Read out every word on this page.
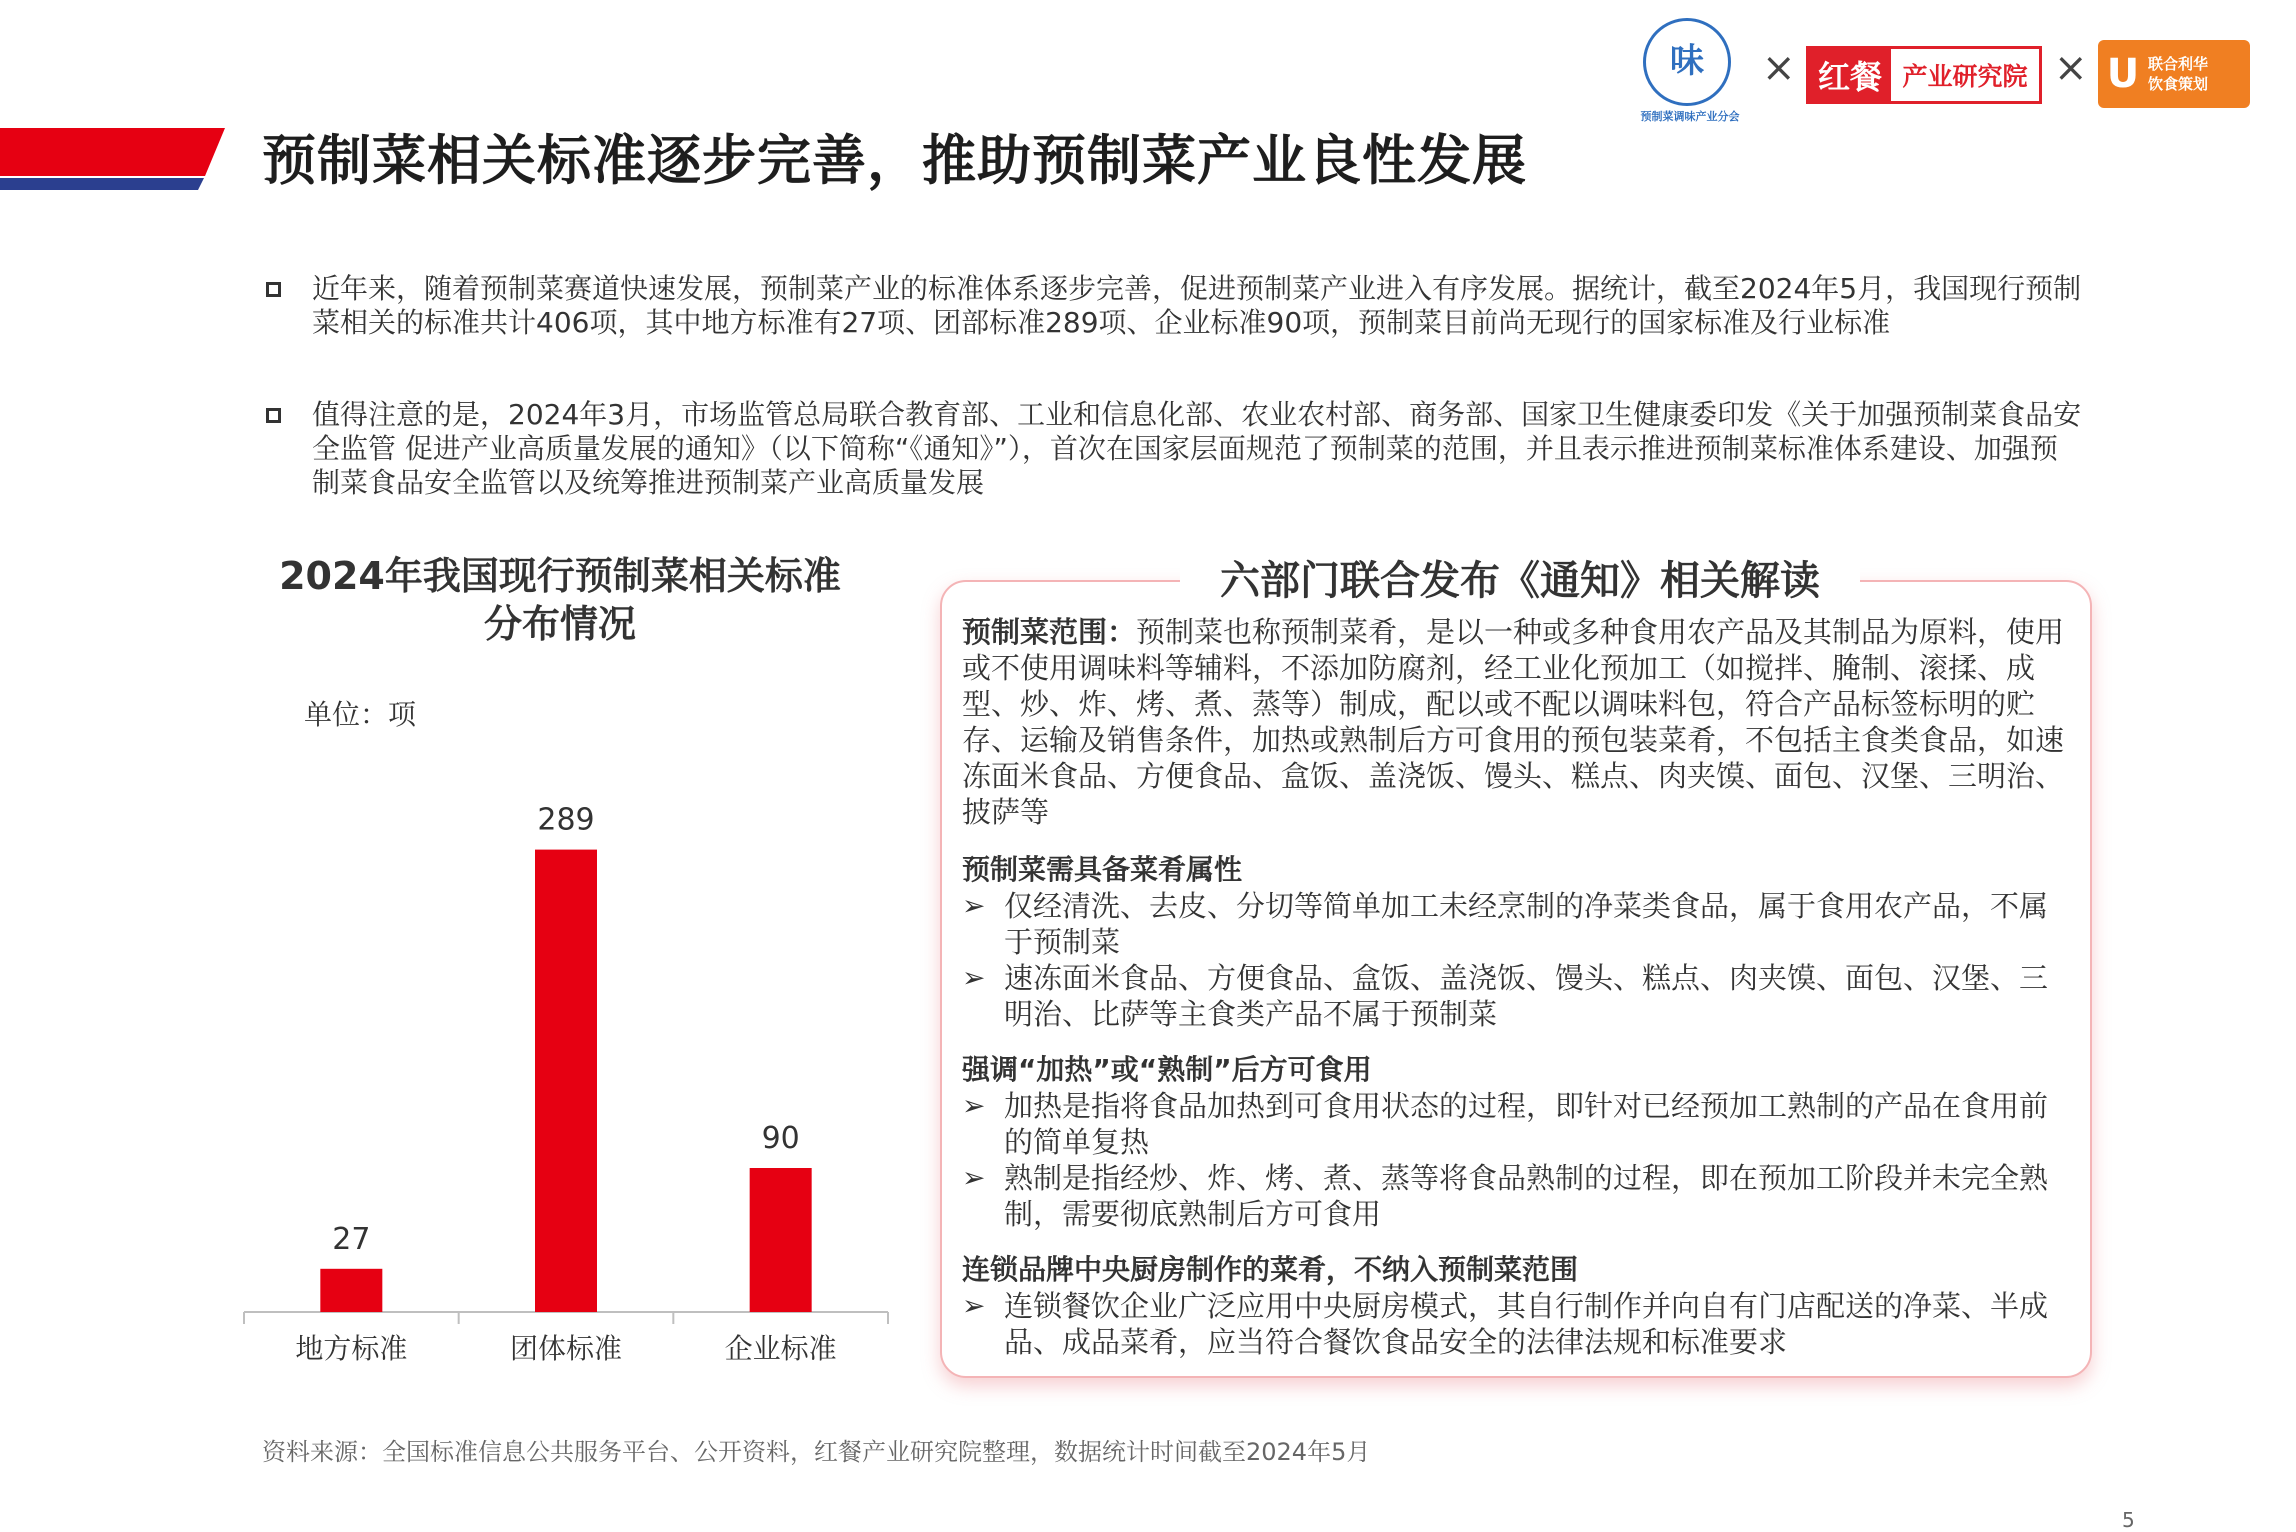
预制菜相关标准逐步完善，推助预制菜产业良性发展
味
预制菜调味产业分会
× 红餐 产业研究院 × U 联合利华
饮食策划
近年来，随着预制菜赛道快速发展，预制菜产业的标准体系逐步完善，促进预制菜产业进入有序发展。据统计，截至2024年5月，我国现行预制菜相关的标准共计406项，其中地方标准有27项、团部标准289项、企业标准90项，预制菜目前尚无现行的国家标准及行业标准
值得注意的是，2024年3月，市场监管总局联合教育部、工业和信息化部、农业农村部、商务部、国家卫生健康委印发《关于加强预制菜食品安全监管 促进产业高质量发展的通知》（以下简称“《通知》”），首次在国家层面规范了预制菜的范围，并且表示推进预制菜标准体系建设、加强预制菜食品安全监管以及统筹推进预制菜产业高质量发展
2024年我国现行预制菜相关标准
分布情况
单位：项
27
地方标准
289
团体标准
90
企业标准
六部门联合发布《通知》相关解读

预制菜范围：预制菜也称预制菜肴，是以一种或多种食用农产品及其制品为原料，使用或不使用调味料等辅料，不添加防腐剂，经工业化预加工（如搅拌、腌制、滚揉、成型、炒、炸、烤、煮、蒸等）制成，配以或不配以调味料包，符合产品标签标明的贮存、运输及销售条件，加热或熟制后方可食用的预包装菜肴，不包括主食类食品，如速冻面米食品、方便食品、盒饭、盖浇饭、馒头、糕点、肉夹馍、面包、汉堡、三明治、披萨等

预制菜需具备菜肴属性

➢ 仅经清洗、去皮、分切等简单加工未经烹制的净菜类食品，属于食用农产品，不属于预制菜

➢ 速冻面米食品、方便食品、盒饭、盖浇饭、馒头、糕点、肉夹馍、面包、汉堡、三明治、比萨等主食类产品不属于预制菜

强调“加热”或“熟制”后方可食用

➢ 加热是指将食品加热到可食用状态的过程，即针对已经预加工熟制的产品在食用前的简单复热

➢ 熟制是指经炒、炸、烤、煮、蒸等将食品熟制的过程，即在预加工阶段并未完全熟制，需要彻底熟制后方可食用

连锁品牌中央厨房制作的菜肴，不纳入预制菜范围

➢ 连锁餐饮企业广泛应用中央厨房模式，其自行制作并向自有门店配送的净菜、半成品、成品菜肴，应当符合餐饮食品安全的法律法规和标准要求

资料来源：全国标准信息公共服务平台、公开资料，红餐产业研究院整理，数据统计时间截至2024年5月
5
